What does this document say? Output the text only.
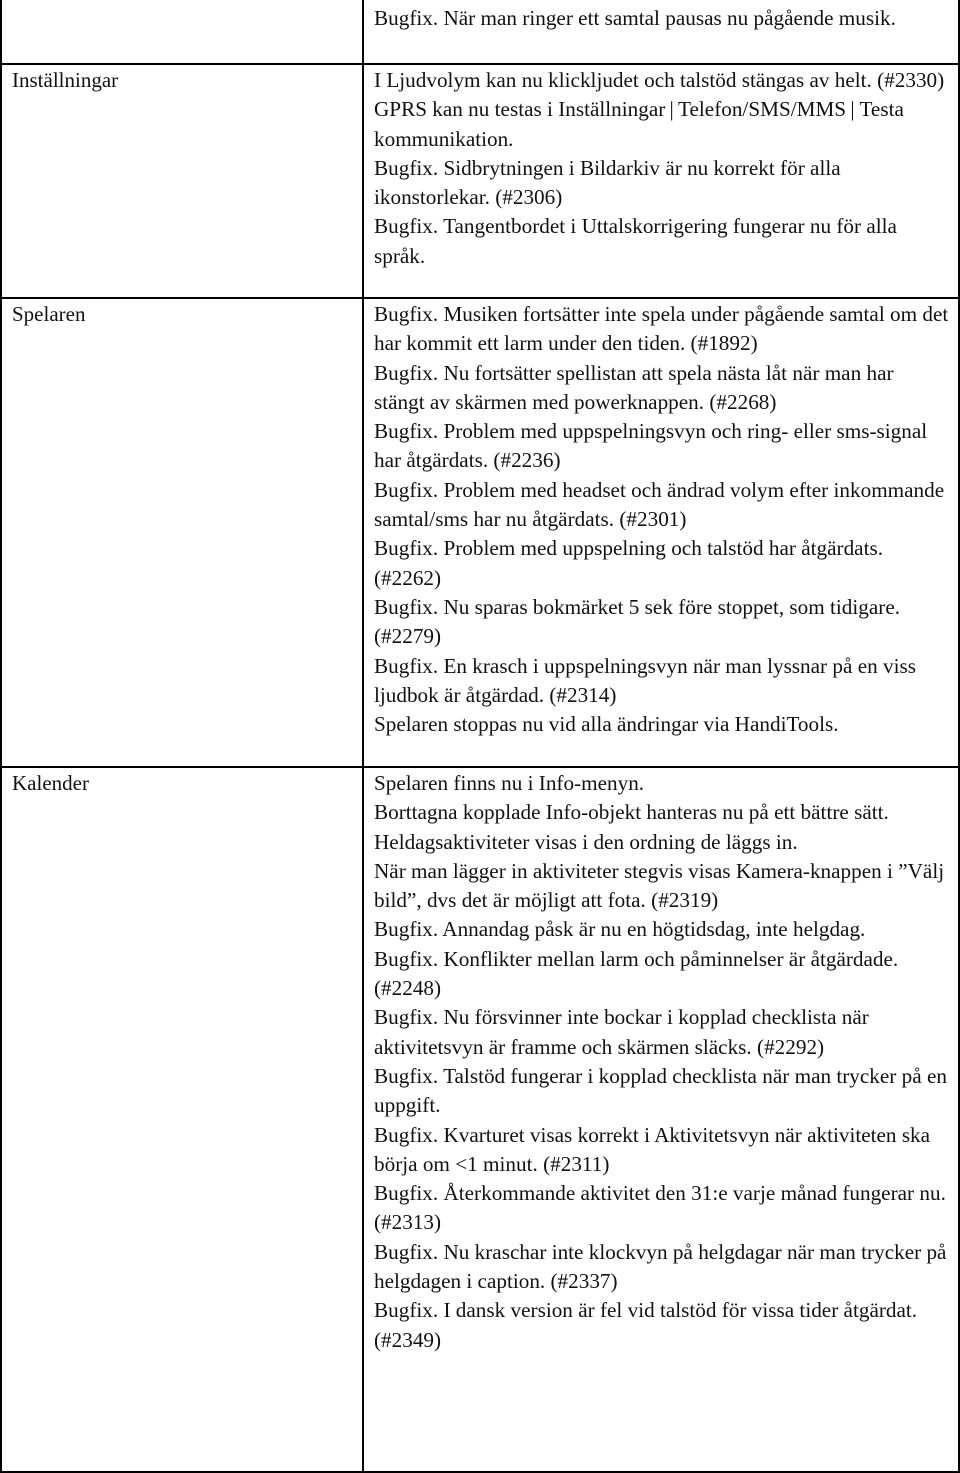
Bugfix. När man ringer ett samtal pausas nu pågående musik.
Inställningar	I Ljudvolym kan nu klickljudet och talstöd stängas av helt. (#2330)
GPRS kan nu testas i Inställningar | Telefon/SMS/MMS | Testa kommunikation.
Bugfix. Sidbrytningen i Bildarkiv är nu korrekt för alla ikonstorlekar. (#2306)
Bugfix. Tangentbordet i Uttalskorrigering fungerar nu för alla språk.
Spelaren	Bugfix. Musiken fortsätter inte spela under pågående samtal om det har kommit ett larm under den tiden. (#1892)
Bugfix. Nu fortsätter spellistan att spela nästa låt när man har stängt av skärmen med powerknappen. (#2268)
Bugfix. Problem med uppspelningsvyn och ring- eller sms-signal har åtgärdats. (#2236)
Bugfix. Problem med headset och ändrad volym efter inkommande samtal/sms har nu åtgärdats. (#2301)
Bugfix. Problem med uppspelning och talstöd har åtgärdats. (#2262)
Bugfix. Nu sparas bokmärket 5 sek före stoppet, som tidigare. (#2279)
Bugfix. En krasch i uppspelningsvyn när man lyssnar på en viss ljudbok är åtgärdad. (#2314)
Spelaren stoppas nu vid alla ändringar via HandiTools.
Kalender	Spelaren finns nu i Info-menyn.
Borttagna kopplade Info-objekt hanteras nu på ett bättre sätt.
Heldagsaktiviteter visas i den ordning de läggs in.
När man lägger in aktiviteter stegvis visas Kamera-knappen i ”Välj bild”, dvs det är möjligt att fota. (#2319)
Bugfix. Annandag påsk är nu en högtidsdag, inte helgdag.
Bugfix. Konflikter mellan larm och påminnelser är åtgärdade. (#2248)
Bugfix. Nu försvinner inte bockar i kopplad checklista när aktivitetsvyn är framme och skärmen släcks. (#2292)
Bugfix. Talstöd fungerar i kopplad checklista när man trycker på en uppgift.
Bugfix. Kvarturet visas korrekt i Aktivitetsvyn när aktiviteten ska börja om <1 minut. (#2311)
Bugfix. Återkommande aktivitet den 31:e varje månad fungerar nu. (#2313)
Bugfix. Nu kraschar inte klockvyn på helgdagar när man trycker på helgdagen i caption. (#2337)
Bugfix. I dansk version är fel vid talstöd för vissa tider åtgärdat. (#2349)
